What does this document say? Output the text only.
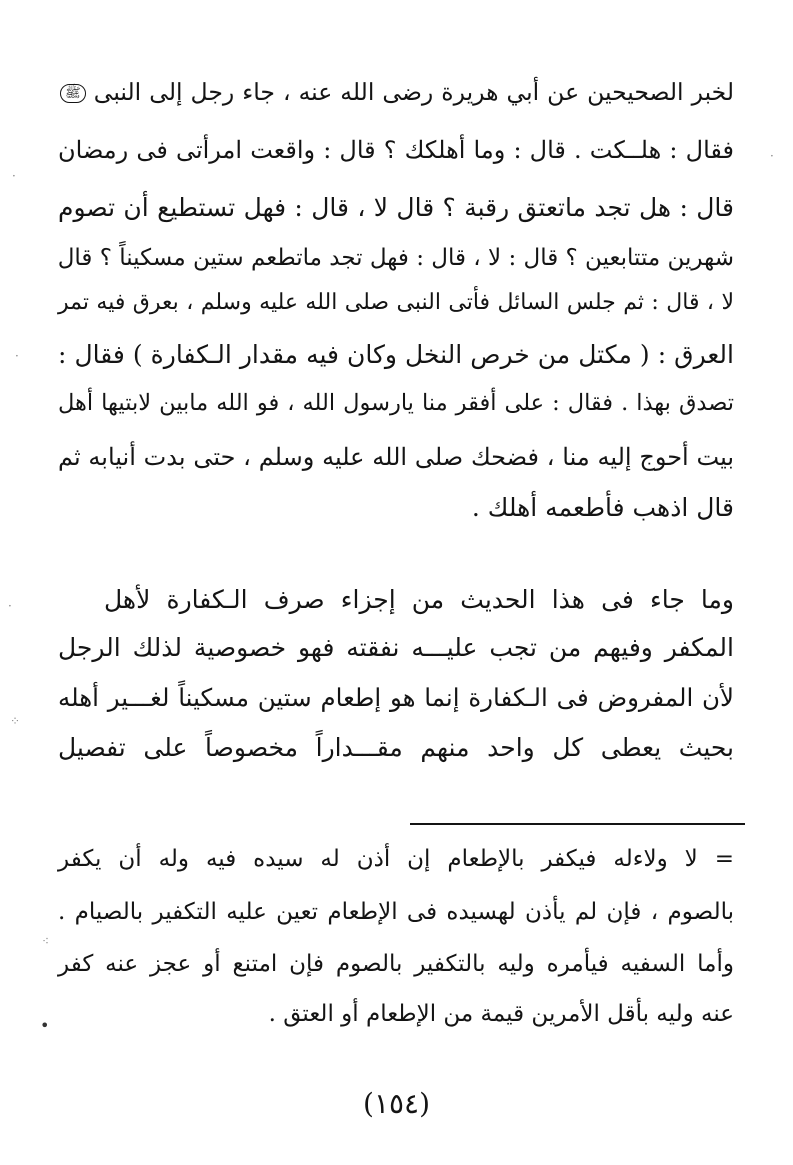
لخبر الصحيحين عن أبي هريرة رضى الله عنه ، جاء رجل إلى النبى ﷺ
فقال : هلــكت . قال : وما أهلكك ؟ قال : واقعت امرأتى فى رمضان
قال : هل تجد ماتعتق رقبة ؟ قال لا ، قال : فهل تستطيع أن تصوم
شهرين متتابعين ؟ قال : لا ، قال : فهل تجد ماتطعم ستين مسكيناً ؟ قال
لا ، قال : ثم جلس السائل فأتى النبى صلى الله عليه وسلم ، بعرق فيه تمر
العرق : ( مكتل من خرص النخل وكان فيه مقدار الـكفارة ) فقال :
تصدق بهذا . فقال : على أفقر منا يارسول الله ، فو الله مابين لابتيها أهل
بيت أحوج إليه منا ، فضحك صلى الله عليه وسلم ، حتى بدت أنيابه ثم
قال اذهب فأطعمه أهلك .
وما جاء فى هذا الحديث من إجزاء صرف الـكفارة لأهل
المكفر وفيهم من تجب عليـــه نفقته فهو خصوصية لذلك الرجل
لأن المفروض فى الـكفارة إنما هو إطعام ستين مسكيناً لغـــير أهله
بحيث يعطى كل واحد منهم مقـــداراً مخصوصاً على تفصيل
= لا ولاءله فيكفر بالإطعام إن أذن له سيده فيه وله أن يكفر
بالصوم ، فإن لم يأذن لهسيده فى الإطعام تعين عليه التكفير بالصيام .
وأما السفيه فيأمره وليه بالتكفير بالصوم فإن امتنع أو عجز عنه كفر
عنه وليه بأقل الأمرين قيمة من الإطعام أو العتق .
(١٥٤)
·
·
·
·
⁘
⁖
•
